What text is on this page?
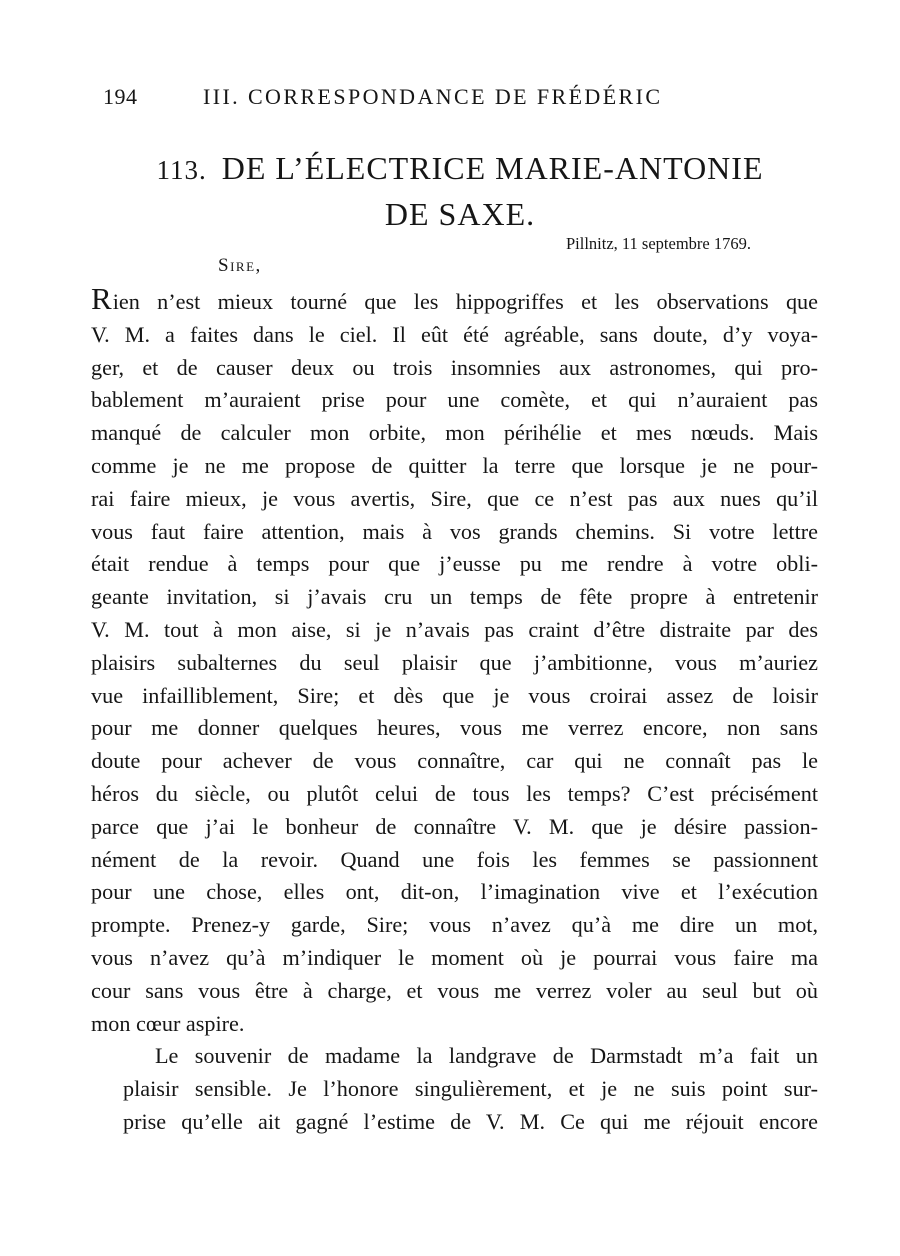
194	III. CORRESPONDANCE DE FRÉDÉRIC
113. DE L’ÉLECTRICE MARIE-ANTONIE
DE SAXE.
Pillnitz, 11 septembre 1769.
Sire,

Rien n’est mieux tourné que les hippogriffes et les observations que
V. M. a faites dans le ciel. Il eût été agréable, sans doute, d’y voya-
ger, et de causer deux ou trois insomnies aux astronomes, qui pro-
bablement m’auraient prise pour une comète, et qui n’auraient pas
manqué de calculer mon orbite, mon périhélie et mes nœuds. Mais
comme je ne me propose de quitter la terre que lorsque je ne pour-
rai faire mieux, je vous avertis, Sire, que ce n’est pas aux nues qu’il
vous faut faire attention, mais à vos grands chemins. Si votre lettre
était rendue à temps pour que j’eusse pu me rendre à votre obli-
geante invitation, si j’avais cru un temps de fête propre à entretenir
V. M. tout à mon aise, si je n’avais pas craint d’être distraite par des
plaisirs subalternes du seul plaisir que j’ambitionne, vous m’auriez
vue infailliblement, Sire; et dès que je vous croirai assez de loisir
pour me donner quelques heures, vous me verrez encore, non sans
doute pour achever de vous connaître, car qui ne connaît pas le
héros du siècle, ou plutôt celui de tous les temps? C’est précisément
parce que j’ai le bonheur de connaître V. M. que je désire passion-
nément de la revoir. Quand une fois les femmes se passionnent
pour une chose, elles ont, dit-on, l’imagination vive et l’exécution
prompte. Prenez-y garde, Sire; vous n’avez qu’à me dire un mot,
vous n’avez qu’à m’indiquer le moment où je pourrai vous faire ma
cour sans vous être à charge, et vous me verrez voler au seul but où
mon cœur aspire.

Le souvenir de madame la landgrave de Darmstadt m’a fait un
plaisir sensible. Je l’honore singulièrement, et je ne suis point sur-
prise qu’elle ait gagné l’estime de V. M. Ce qui me réjouit encore
